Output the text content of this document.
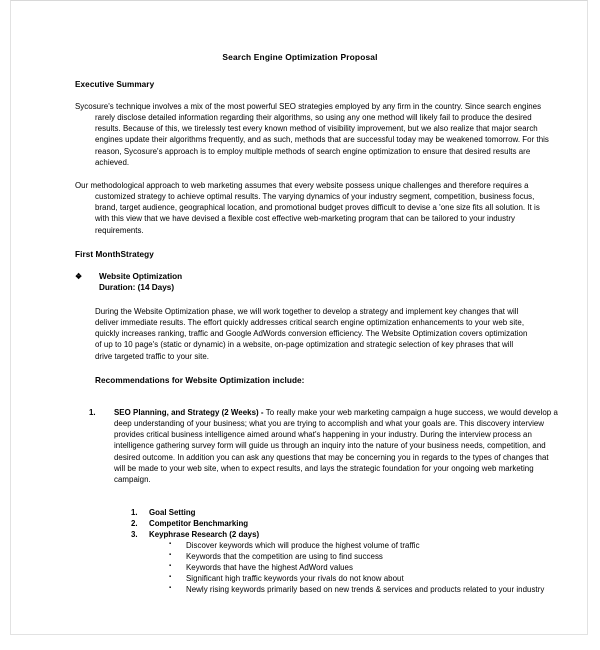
Search Engine Optimization Proposal
Executive Summary
Sycosure's technique involves a mix of the most powerful SEO strategies employed by any firm in the country. Since search engines rarely disclose detailed information regarding their algorithms, so using any one method will likely fail to produce the desired results. Because of this, we tirelessly test every known method of visibility improvement, but we also realize that major search engines update their algorithms frequently, and as such, methods that are successful today may be weakened tomorrow. For this reason, Sycosure's approach is to employ multiple methods of search engine optimization to ensure that desired results are achieved.
Our methodological approach to web marketing assumes that every website possess unique challenges and therefore requires a customized strategy to achieve optimal results. The varying dynamics of your industry segment, competition, business focus, brand, target audience, geographical location, and promotional budget proves difficult to devise a 'one size fits all solution. It is with this view that we have devised a flexible cost effective web-marketing program that can be tailored to your industry requirements.
First MonthStrategy
❖ Website Optimization
Duration: (14 Days)
During the Website Optimization phase, we will work together to develop a strategy and implement key changes that will deliver immediate results. The effort quickly addresses critical search engine optimization enhancements to your web site, quickly increases ranking, traffic and Google AdWords conversion efficiency. The Website Optimization covers optimization of up to 10 page's (static or dynamic) in a website, on-page optimization and strategic selection of key phrases that will drive targeted traffic to your site.
Recommendations for Website Optimization include:
1. SEO Planning, and Strategy (2 Weeks) - To really make your web marketing campaign a huge success, we would develop a deep understanding of your business; what you are trying to accomplish and what your goals are. This discovery interview provides critical business intelligence aimed around what's happening in your industry. During the interview process an intelligence gathering survey form will guide us through an inquiry into the nature of your business needs, competition, and desired outcome. In addition you can ask any questions that may be concerning you in regards to the types of changes that will be made to your web site, when to expect results, and lays the strategic foundation for your ongoing web marketing campaign.
1. Goal Setting
2. Competitor Benchmarking
3. Keyphrase Research (2 days)
▪ Discover keywords which will produce the highest volume of traffic
▪ Keywords that the competition are using to find success
▪ Keywords that have the highest AdWord values
▪ Significant high traffic keywords your rivals do not know about
▪ Newly rising keywords primarily based on new trends & services and products related to your industry
